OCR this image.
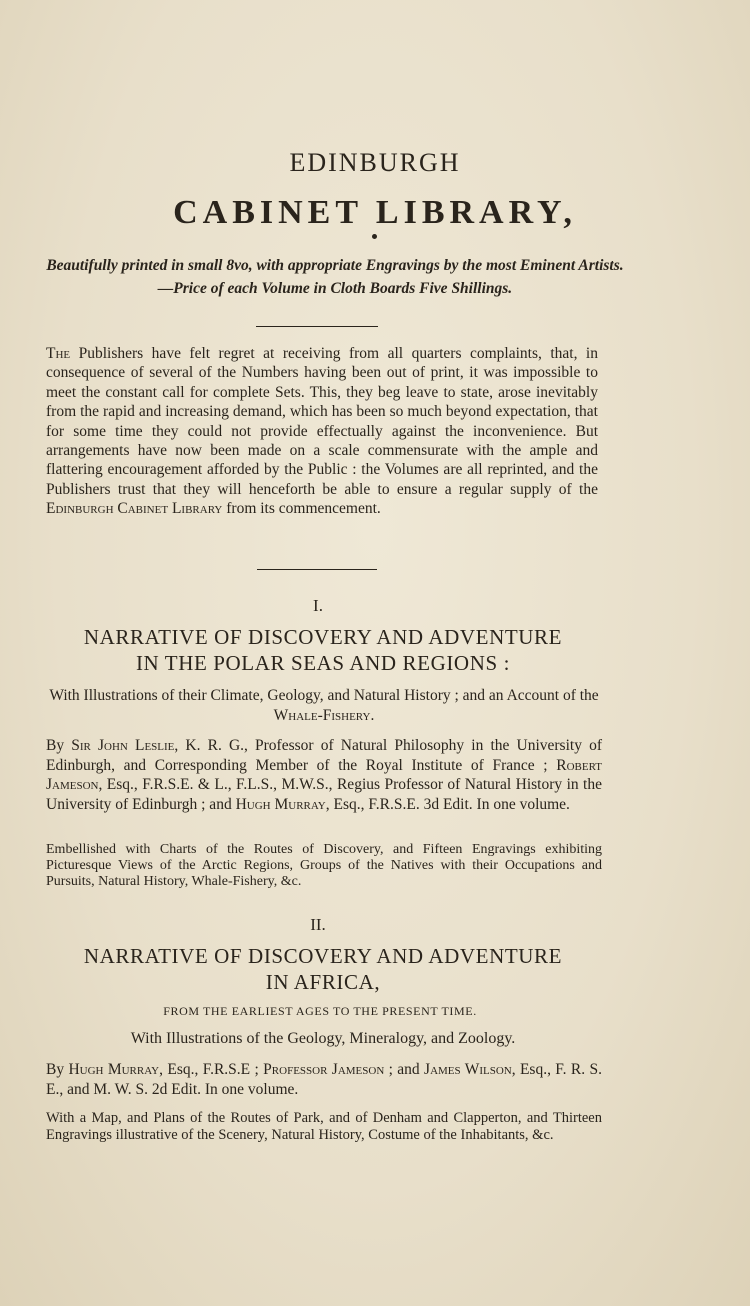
EDINBURGH
CABINET LIBRARY,
Beautifully printed in small 8vo, with appropriate Engravings by the most Eminent Artists.—Price of each Volume in Cloth Boards Five Shillings.
The Publishers have felt regret at receiving from all quarters complaints, that, in consequence of several of the Numbers having been out of print, it was impossible to meet the constant call for complete Sets. This, they beg leave to state, arose inevitably from the rapid and increasing demand, which has been so much beyond expectation, that for some time they could not provide effectually against the inconvenience. But arrangements have now been made on a scale commensurate with the ample and flattering encouragement afforded by the Public : the Volumes are all reprinted, and the Publishers trust that they will henceforth be able to ensure a regular supply of the Edinburgh Cabinet Library from its commencement.
I.
NARRATIVE OF DISCOVERY AND ADVENTURE
IN THE POLAR SEAS AND REGIONS :
With Illustrations of their Climate, Geology, and Natural History ; and an Account of the Whale-Fishery.
By Sir John Leslie, K. R. G., Professor of Natural Philosophy in the University of Edinburgh, and Corresponding Member of the Royal Institute of France ; Robert Jameson, Esq., F.R.S.E. & L., F.L.S., M.W.S., Regius Professor of Natural History in the University of Edinburgh ; and Hugh Murray, Esq., F.R.S.E. 3d Edit. In one volume.
Embellished with Charts of the Routes of Discovery, and Fifteen Engravings exhibiting Picturesque Views of the Arctic Regions, Groups of the Natives with their Occupations and Pursuits, Natural History, Whale-Fishery, &c.
II.
NARRATIVE OF DISCOVERY AND ADVENTURE
IN AFRICA,
FROM THE EARLIEST AGES TO THE PRESENT TIME.
With Illustrations of the Geology, Mineralogy, and Zoology.
By Hugh Murray, Esq., F.R.S.E ; Professor Jameson ; and James Wilson, Esq., F. R. S. E., and M. W. S. 2d Edit. In one volume.
With a Map, and Plans of the Routes of Park, and of Denham and Clapperton, and Thirteen Engravings illustrative of the Scenery, Natural History, Costume of the Inhabitants, &c.
